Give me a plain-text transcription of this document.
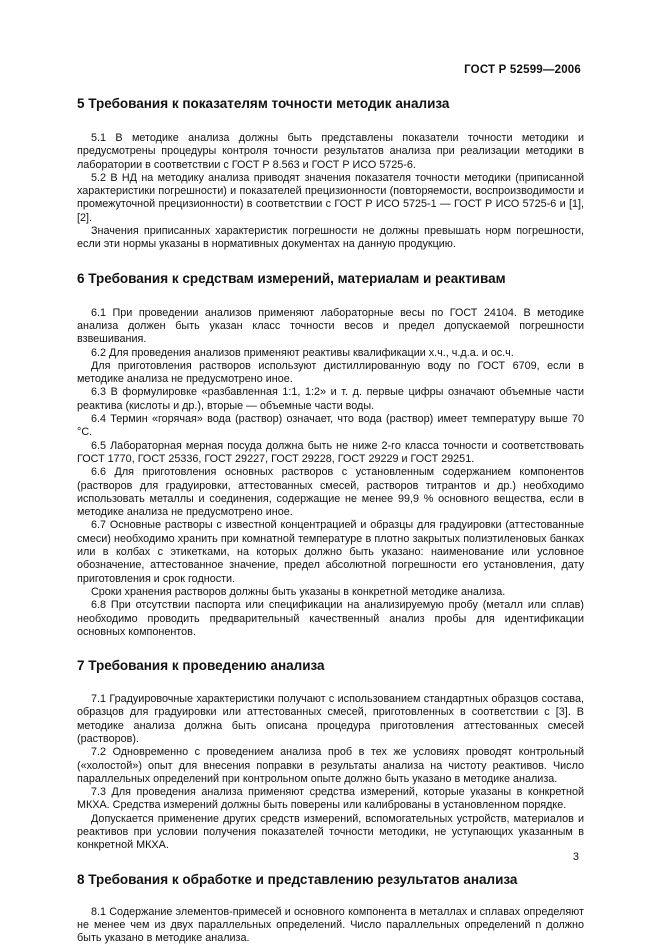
ГОСТ Р 52599—2006
5 Требования к показателям точности методик анализа

5.1 В методике анализа должны быть представлены показатели точности методики и предусмотрены процедуры контроля точности результатов анализа при реализации методики в лаборатории в соответствии с ГОСТ Р 8.563 и ГОСТ Р ИСО 5725-6.

5.2 В НД на методику анализа приводят значения показателя точности методики (приписанной характеристики погрешности) и показателей прецизионности (повторяемости, воспроизводимости и промежуточной прецизионности) в соответствии с ГОСТ Р ИСО 5725-1 — ГОСТ Р ИСО 5725-6 и [1], [2].

Значения приписанных характеристик погрешности не должны превышать норм погрешности, если эти нормы указаны в нормативных документах на данную продукцию.

6 Требования к средствам измерений, материалам и реактивам

6.1 При проведении анализов применяют лабораторные весы по ГОСТ 24104. В методике анализа должен быть указан класс точности весов и предел допускаемой погрешности взвешивания.

6.2 Для проведения анализов применяют реактивы квалификации х.ч., ч.д.а. и ос.ч.

Для приготовления растворов используют дистиллированную воду по ГОСТ 6709, если в методике анализа не предусмотрено иное.

6.3 В формулировке «разбавленная 1:1, 1:2» и т. д. первые цифры означают объемные части реактива (кислоты и др.), вторые — объемные части воды.

6.4 Термин «горячая» вода (раствор) означает, что вода (раствор) имеет температуру выше 70 °С.

6.5 Лабораторная мерная посуда должна быть не ниже 2-го класса точности и соответствовать ГОСТ 1770, ГОСТ 25336, ГОСТ 29227, ГОСТ 29228, ГОСТ 29229 и ГОСТ 29251.

6.6 Для приготовления основных растворов с установленным содержанием компонентов (растворов для градуировки, аттестованных смесей, растворов титрантов и др.) необходимо использовать металлы и соединения, содержащие не менее 99,9 % основного вещества, если в методике анализа не предусмотрено иное.

6.7 Основные растворы с известной концентрацией и образцы для градуировки (аттестованные смеси) необходимо хранить при комнатной температуре в плотно закрытых полиэтиленовых банках или в колбах с этикетками, на которых должно быть указано: наименование или условное обозначение, аттестованное значение, предел абсолютной погрешности его установления, дату приготовления и срок годности.

Сроки хранения растворов должны быть указаны в конкретной методике анализа.

6.8 При отсутствии паспорта или спецификации на анализируемую пробу (металл или сплав) необходимо проводить предварительный качественный анализ пробы для идентификации основных компонентов.

7 Требования к проведению анализа

7.1 Градуировочные характеристики получают с использованием стандартных образцов состава, образцов для градуировки или аттестованных смесей, приготовленных в соответствии с [3]. В методике анализа должна быть описана процедура приготовления аттестованных смесей (растворов).

7.2 Одновременно с проведением анализа проб в тех же условиях проводят контрольный («холостой») опыт для внесения поправки в результаты анализа на чистоту реактивов. Число параллельных определений при контрольном опыте должно быть указано в методике анализа.

7.3 Для проведения анализа применяют средства измерений, которые указаны в конкретной МКХА. Средства измерений должны быть поверены или калиброваны в установленном порядке.

Допускается применение других средств измерений, вспомогательных устройств, материалов и реактивов при условии получения показателей точности методики, не уступающих указанным в конкретной МКХА.

8 Требования к обработке и представлению результатов анализа

8.1 Содержание элементов-примесей и основного компонента в металлах и сплавах определяют не менее чем из двух параллельных определений. Число параллельных определений n должно быть указано в методике анализа.

3
